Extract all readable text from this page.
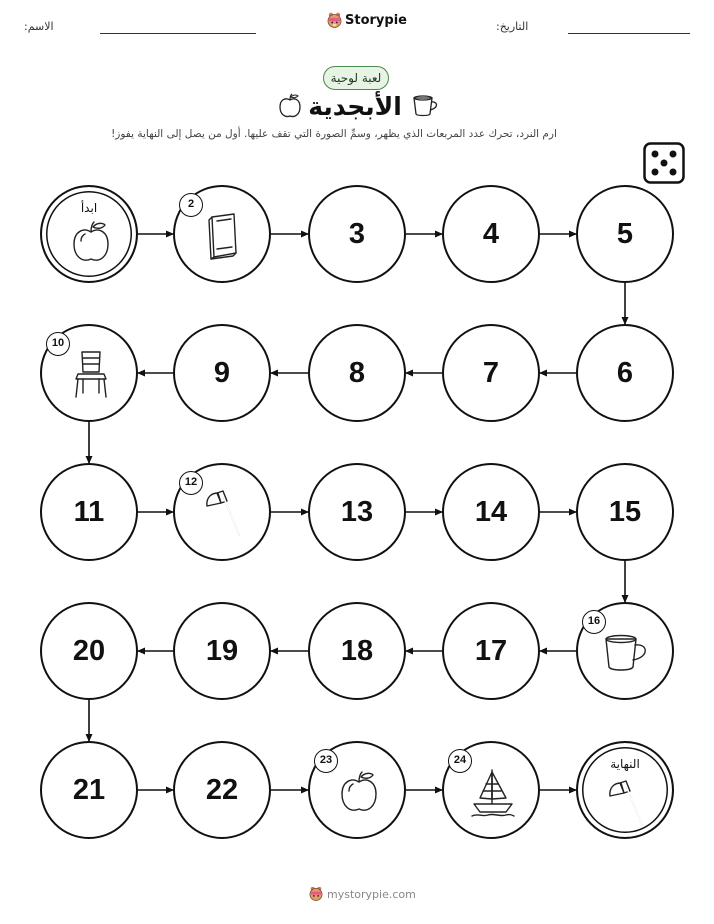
الاسم:	Storypie	التاريخ:
لعبة لوحية
الأبجدية
ارم النرد، تحرك عدد المربعات الذي يظهر، وسمِّ الصورة التي تقف عليها. أول من يصل إلى النهاية يفوز!
ابدأ	2
3	4	5
6
7
8
9
10
11
12
13	14	15
16
17
18
19
20
21	22
23	24	النهاية
mystorypie.com
